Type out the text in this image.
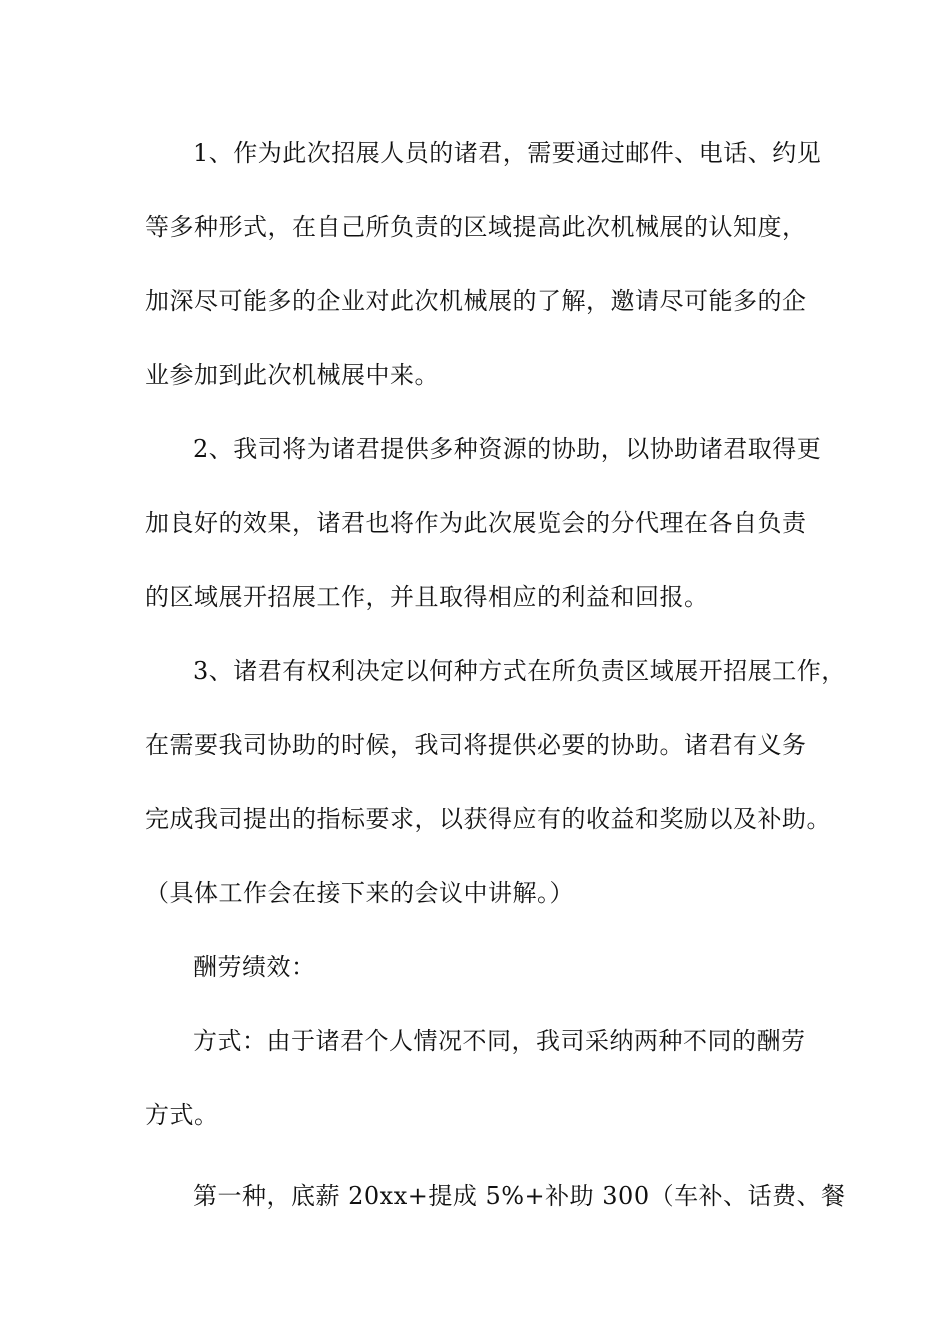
1、作为此次招展人员的诸君，需要通过邮件、电话、约见
等多种形式，在自己所负责的区域提高此次机械展的认知度，
加深尽可能多的企业对此次机械展的了解，邀请尽可能多的企
业参加到此次机械展中来。
2、我司将为诸君提供多种资源的协助，以协助诸君取得更
加良好的效果，诸君也将作为此次展览会的分代理在各自负责
的区域展开招展工作，并且取得相应的利益和回报。
3、诸君有权利决定以何种方式在所负责区域展开招展工作，
在需要我司协助的时候，我司将提供必要的协助。诸君有义务
完成我司提出的指标要求，以获得应有的收益和奖励以及补助。
（具体工作会在接下来的会议中讲解。）
酬劳绩效：
方式：由于诸君个人情况不同，我司采纳两种不同的酬劳
方式。
第一种，底薪 20xx+提成 5%+补助 300（车补、话费、餐
